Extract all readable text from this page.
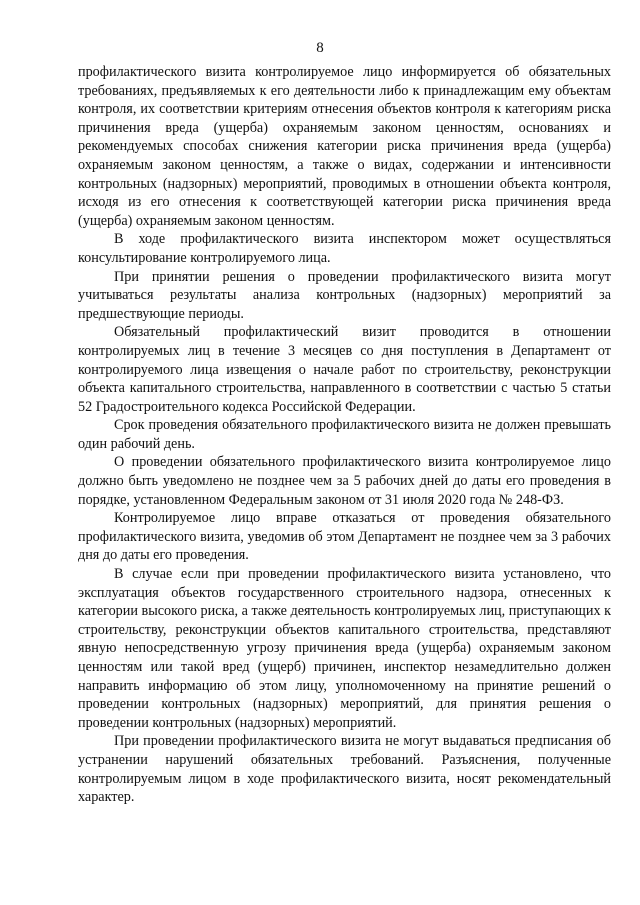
8

профилактического визита контролируемое лицо информируется об обязательных требованиях, предъявляемых к его деятельности либо к принадлежащим ему объектам контроля, их соответствии критериям отнесения объектов контроля к категориям риска причинения вреда (ущерба) охраняемым законом ценностям, основаниях и рекомендуемых способах снижения категории риска причинения вреда (ущерба) охраняемым законом ценностям, а также о видах, содержании и интенсивности контрольных (надзорных) мероприятий, проводимых в отношении объекта контроля, исходя из его отнесения к соответствующей категории риска причинения вреда (ущерба) охраняемым законом ценностям.

В ходе профилактического визита инспектором может осуществляться консультирование контролируемого лица.

При принятии решения о проведении профилактического визита могут учитываться результаты анализа контрольных (надзорных) мероприятий за предшествующие периоды.

Обязательный профилактический визит проводится в отношении контролируемых лиц в течение 3 месяцев со дня поступления в Департамент от контролируемого лица извещения о начале работ по строительству, реконструкции объекта капитального строительства, направленного в соответствии с частью 5 статьи 52 Градостроительного кодекса Российской Федерации.

Срок проведения обязательного профилактического визита не должен превышать один рабочий день.

О проведении обязательного профилактического визита контролируемое лицо должно быть уведомлено не позднее чем за 5 рабочих дней до даты его проведения в порядке, установленном Федеральным законом от 31 июля 2020 года № 248-ФЗ.

Контролируемое лицо вправе отказаться от проведения обязательного профилактического визита, уведомив об этом Департамент не позднее чем за 3 рабочих дня до даты его проведения.

В случае если при проведении профилактического визита установлено, что эксплуатация объектов государственного строительного надзора, отнесенных к категории высокого риска, а также деятельность контролируемых лиц, приступающих к строительству, реконструкции объектов капитального строительства, представляют явную непосредственную угрозу причинения вреда (ущерба) охраняемым законом ценностям или такой вред (ущерб) причинен, инспектор незамедлительно должен направить информацию об этом лицу, уполномоченному на принятие решений о проведении контрольных (надзорных) мероприятий, для принятия решения о проведении контрольных (надзорных) мероприятий.

При проведении профилактического визита не могут выдаваться предписания об устранении нарушений обязательных требований. Разъяснения, полученные контролируемым лицом в ходе профилактического визита, носят рекомендательный характер.
